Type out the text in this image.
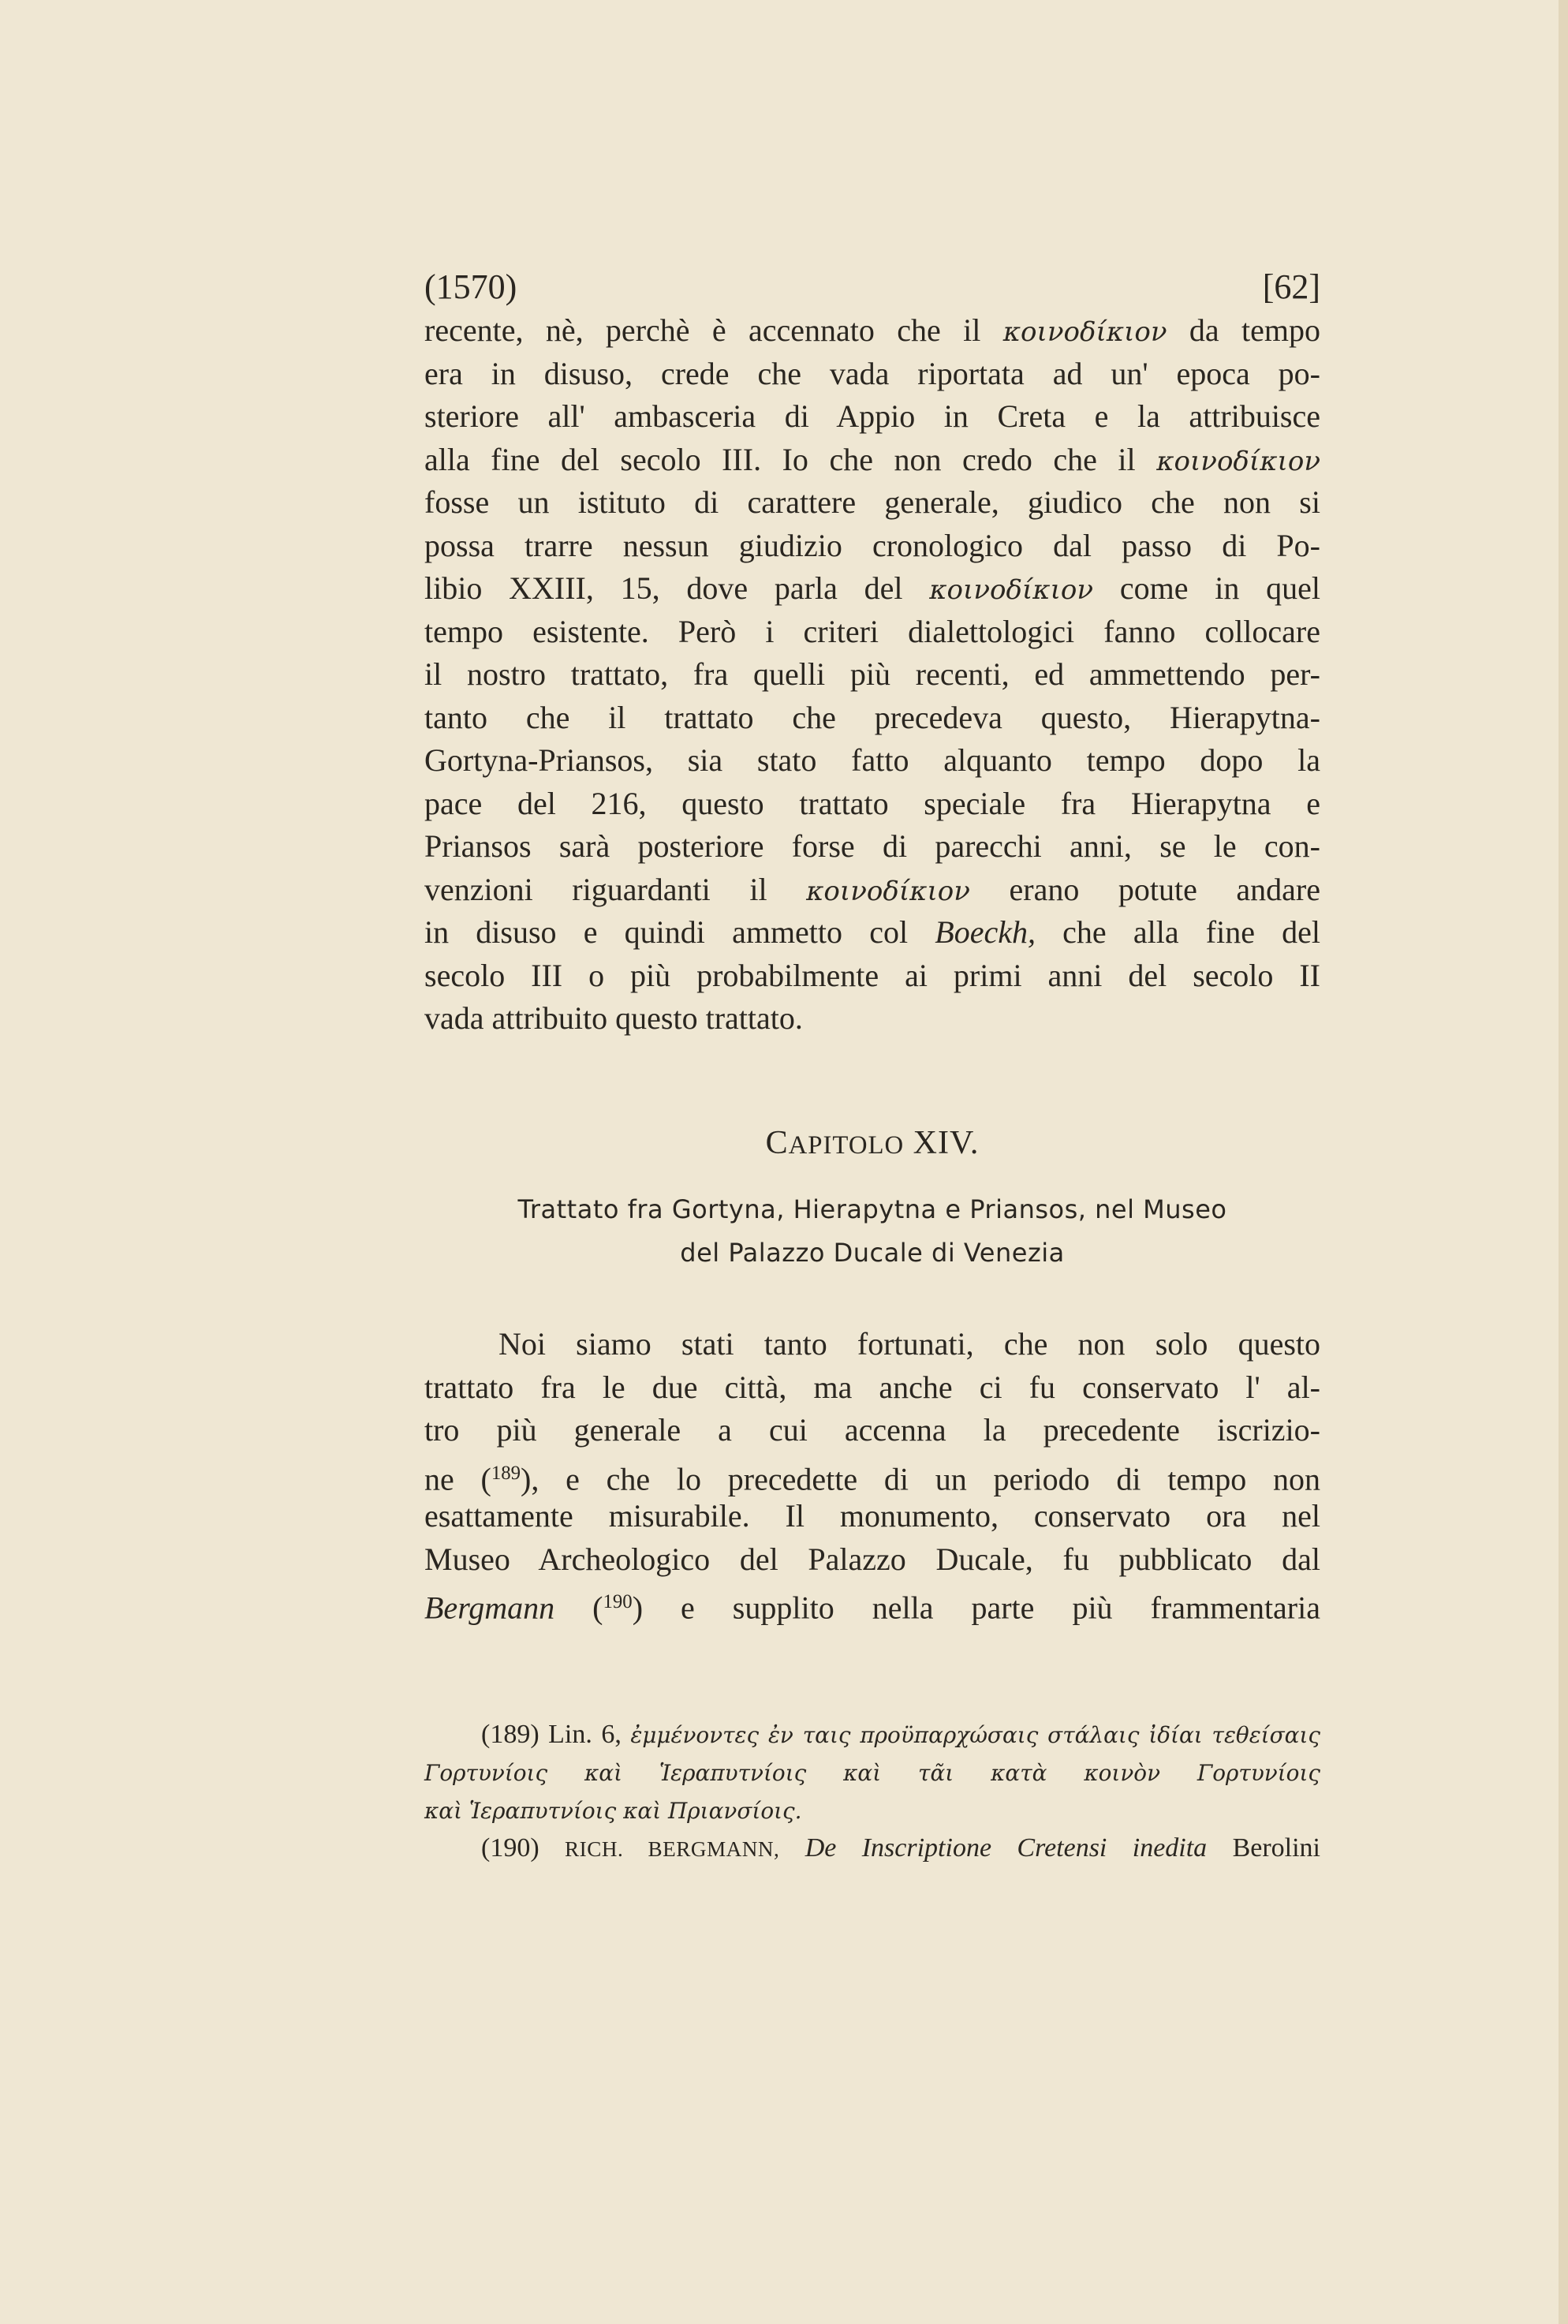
(1570)	[62]
recente, nè, perchè è accennato che il κοινοδίκιον da tempo
era in disuso, crede che vada riportata ad un' epoca po-
steriore all' ambasceria di Appio in Creta e la attribuisce
alla fine del secolo III. Io che non credo che il κοινοδίκιον
fosse un istituto di carattere generale, giudico che non si
possa trarre nessun giudizio cronologico dal passo di Po-
libio XXIII, 15, dove parla del κοινοδίκιον come in quel
tempo esistente. Però i criteri dialettologici fanno collocare
il nostro trattato, fra quelli più recenti, ed ammettendo per-
tanto che il trattato che precedeva questo, Hierapytna-
Gortyna-Priansos, sia stato fatto alquanto tempo dopo la
pace del 216, questo trattato speciale fra Hierapytna e
Priansos sarà posteriore forse di parecchi anni, se le con-
venzioni riguardanti il κοινοδίκιον erano potute andare
in disuso e quindi ammetto col Boeckh, che alla fine del
secolo III o più probabilmente ai primi anni del secolo II
vada attribuito questo trattato.
CAPITOLO XIV.
Trattato fra Gortyna, Hierapytna e Priansos, nel Museo
del Palazzo Ducale di Venezia
Noi siamo stati tanto fortunati, che non solo questo
trattato fra le due città, ma anche ci fu conservato l' al-
tro più generale a cui accenna la precedente iscrizio-
ne ($^{189}$), e che lo precedette di un periodo di tempo non
esattamente misurabile. Il monumento, conservato ora nel
Museo Archeologico del Palazzo Ducale, fu pubblicato dal
Bergmann ($^{190}$) e supplito nella parte più frammentaria
(189) Lin. 6, ἐμμένοντες ἐν ταις προϋπαρχώσαις στάλαις ἰδίαι τεθείσαις
Γορτυνίοις καὶ Ἱεραπυτνίοις καὶ τᾶι κατὰ κοινὸν Γορτυνίοις
καὶ Ἱεραπυτνίοις καὶ Πριανσίοις.
(190) RICH. BERGMANN, De Inscriptione Cretensi inedita Berolini
